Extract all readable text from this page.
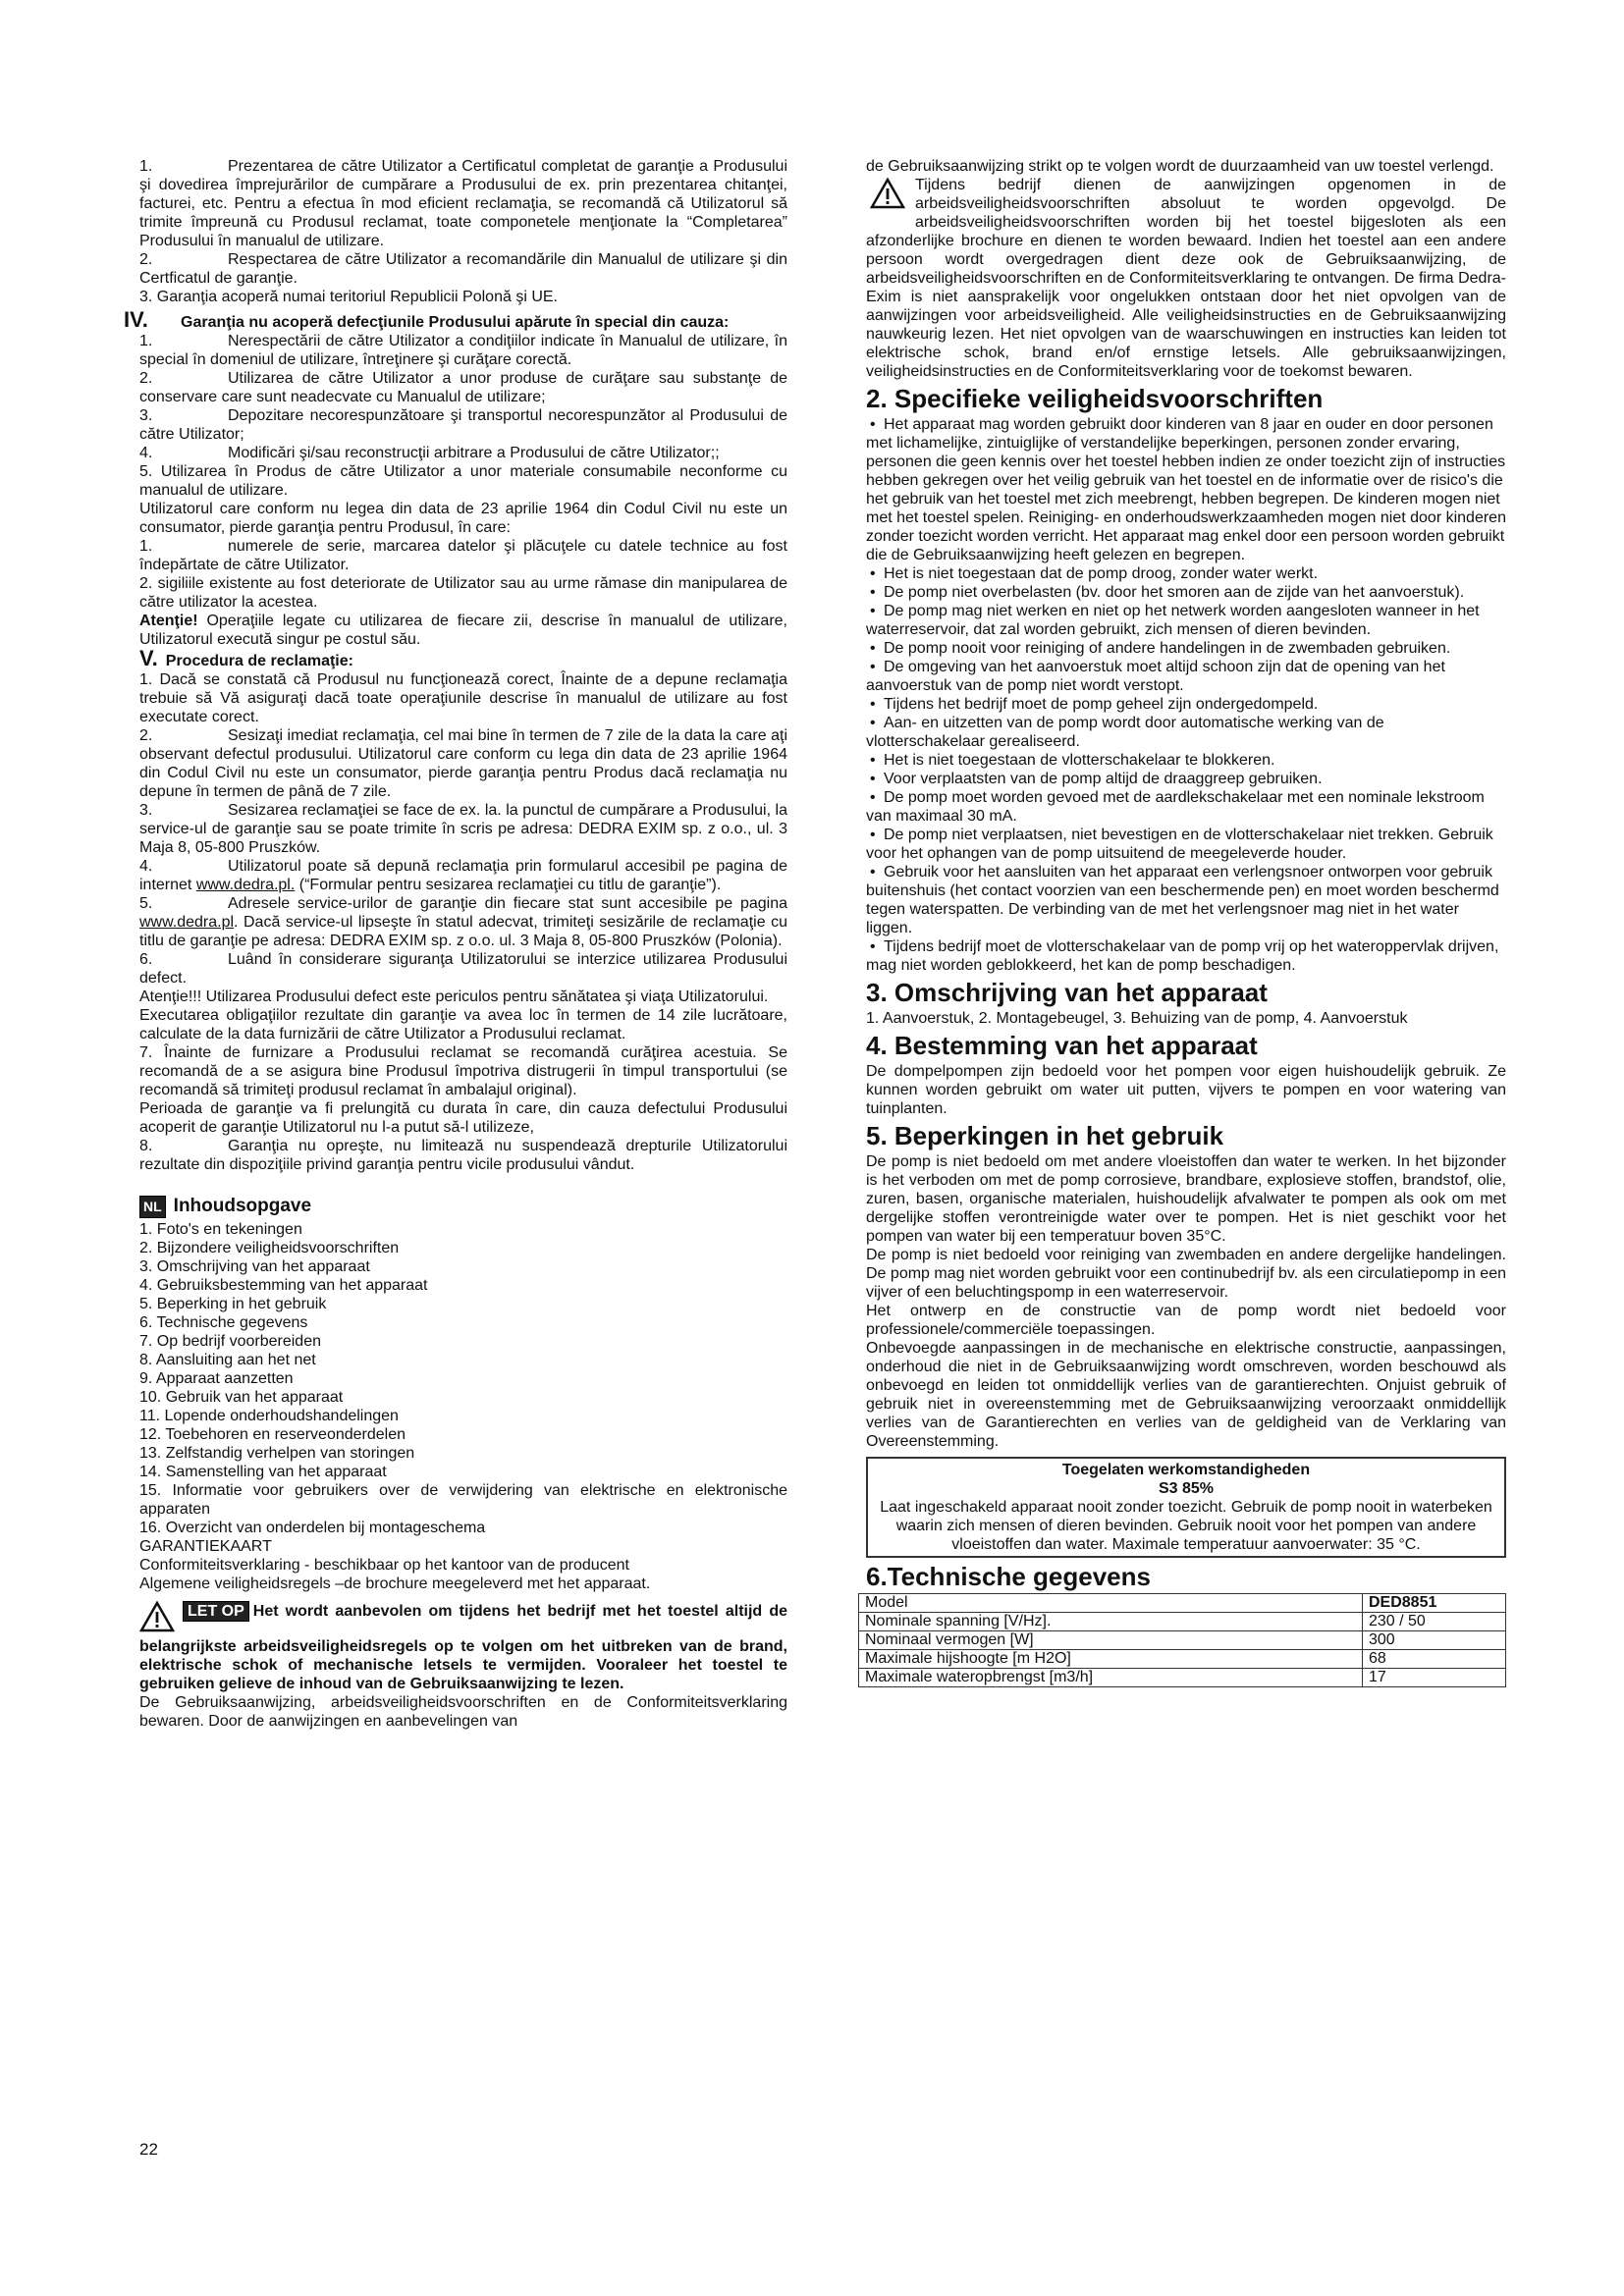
1.	Prezentarea de către Utilizator a Certificatul completat de garanţie a Produsului şi dovedirea împrejurărilor de cumpărare a Produsului de ex. prin prezentarea chitanţei, facturei, etc. Pentru a efectua în mod eficient reclamaţia, se recomandă că Utilizatorul să trimite împreună cu Produsul reclamat, toate componetele menţionate la “Completarea” Produsului în manualul de utilizare.

2.	Respectarea de către Utilizator a recomandările din Manualul de utilizare şi din Certficatul de garanţie.

3. Garanţia acoperă numai teritoriul Republicii Polonă şi UE.

IV. Garanţia nu acoperă defecţiunile Produsului apărute în special din cauza:

1.	Nerespectării de către Utilizator a condiţiilor indicate în Manualul de utilizare, în special în domeniul de utilizare, întreţinere şi curăţare corectă.

2.	Utilizarea de către Utilizator a unor produse de curăţare sau substanţe de conservare care sunt neadecvate cu Manualul de utilizare;

3.	Depozitare necorespunzătoare şi transportul necorespunzător al Produsului de către Utilizator;

4.	Modificări şi/sau reconstrucţii arbitrare a Produsului de către Utilizator;;

5. Utilizarea în Produs de către Utilizator a unor materiale consumabile neconforme cu manualul de utilizare.

Utilizatorul care conform nu legea din data de 23 aprilie 1964 din Codul Civil nu este un consumator, pierde garanţia pentru Produsul, în care:

1.	numerele de serie, marcarea datelor şi plăcuţele cu datele technice au fost îndepărtate de către Utilizator.

2. sigiliile existente au fost deteriorate de Utilizator sau au urme rămase din manipularea de către utilizator la acestea.

Atenţie! Operaţiile legate cu utilizarea de fiecare zii, descrise în manualul de utilizare, Utilizatorul execută singur pe costul său.

V. Procedura de reclamaţie:

1. Dacă se constată că Produsul nu funcţionează corect, Înainte de a depune reclamaţia trebuie să Vă asiguraţi dacă toate operaţiunile descrise în manualul de utilizare au fost executate corect.

2.	Sesizaţi imediat reclamaţia, cel mai bine în termen de 7 zile de la data la care aţi observant defectul produsului. Utilizatorul care conform cu lega din data de 23 aprilie 1964 din Codul Civil nu este un consumator, pierde garanţia pentru Produs dacă reclamaţia nu depune în termen de până de 7 zile.

3.	Sesizarea reclamaţiei se face de ex. la. la punctul de cumpărare a Produsului, la service-ul de garanţie sau se poate trimite în scris pe adresa: DEDRA EXIM sp. z o.o., ul. 3 Maja 8, 05-800 Pruszków.

4.	Utilizatorul poate să depună reclamaţia prin formularul accesibil pe pagina de internet www.dedra.pl. (“Formular pentru sesizarea reclamaţiei cu titlu de garanţie”).

5.	Adresele service-urilor de garanţie din fiecare stat sunt accesibile pe pagina www.dedra.pl. Dacă service-ul lipseşte în statul adecvat, trimiteţi sesizările de reclamaţie cu titlu de garanţie pe adresa: DEDRA EXIM sp. z o.o. ul. 3 Maja 8, 05-800 Pruszków (Polonia).

6.	Luând în considerare siguranţa Utilizatorului se interzice utilizarea Produsului defect.

Atenţie!!! Utilizarea Produsului defect este periculos pentru sănătatea şi viaţa Utilizatorului.

Executarea obligaţiilor rezultate din garanţie va avea loc în termen de 14 zile lucrătoare, calculate de la data furnizării de către Utilizator a Produsului reclamat.

7. Înainte de furnizare a Produsului reclamat se recomandă curăţirea acestuia. Se recomandă de a se asigura bine Produsul împotriva distrugerii în timpul transportului (se recomandă să trimiteţi produsul reclamat în ambalajul original).

Perioada de garanţie va fi prelungită cu durata în care, din cauza defectului Produsului acoperit de garanţie Utilizatorul nu l-a putut să-l utilizeze,

8.	Garanţia nu opreşte, nu limitează nu suspendează drepturile Utilizatorului rezultate din dispoziţiile privind garanţia pentru vicile produsului vândut.

NL Inhoudsopgave
1. Foto's en tekeningen
2. Bijzondere veiligheidsvoorschriften
3. Omschrijving van het apparaat
4. Gebruiksbestemming van het apparaat
5. Beperking in het gebruik
6. Technische gegevens
7. Op bedrijf voorbereiden
8. Aansluiting aan het net
9. Apparaat aanzetten
10. Gebruik van het apparaat
11. Lopende onderhoudshandelingen
12. Toebehoren en reserveonderdelen
13. Zelfstandig verhelpen van storingen
14. Samenstelling van het apparaat
15. Informatie voor gebruikers over de verwijdering van elektrische en elektronische apparaten
16. Overzicht van onderdelen bij montageschema
GARANTIEKAART
Conformiteitsverklaring - beschikbaar op het kantoor van de producent
Algemene veiligheidsregels –de brochure meegeleverd met het apparaat.

LET OP Het wordt aanbevolen om tijdens het bedrijf met het toestel altijd de belangrijkste arbeidsveiligheidsregels op te volgen om het uitbreken van de brand, elektrische schok of mechanische letsels te vermijden. Vooraleer het toestel te gebruiken gelieve de inhoud van de Gebruiksaanwijzing te lezen.

De Gebruiksaanwijzing, arbeidsveiligheidsvoorschriften en de Conformiteitsverklaring bewaren. Door de aanwijzingen en aanbevelingen van

22

de Gebruiksaanwijzing strikt op te volgen wordt de duurzaamheid van uw toestel verlengd.

Tijdens bedrijf dienen de aanwijzingen opgenomen in de arbeidsveiligheidsvoorschriften absoluut te worden opgevolgd. De arbeidsveiligheidsvoorschriften worden bij het toestel bijgesloten als een afzonderlijke brochure en dienen te worden bewaard. Indien het toestel aan een andere persoon wordt overgedragen dient deze ook de Gebruiksaanwijzing, de arbeidsveiligheidsvoorschriften en de Conformiteitsverklaring te ontvangen. De firma Dedra-Exim is niet aansprakelijk voor ongelukken ontstaan door het niet opvolgen van de aanwijzingen voor arbeidsveiligheid. Alle veiligheidsinstructies en de Gebruiksaanwijzing nauwkeurig lezen. Het niet opvolgen van de waarschuwingen en instructies kan leiden tot elektrische schok, brand en/of ernstige letsels. Alle gebruiksaanwijzingen, veiligheidsinstructies en de Conformiteitsverklaring voor de toekomst bewaren.

2. Specifieke veiligheidsvoorschriften
• Het apparaat mag worden gebruikt door kinderen van 8 jaar en ouder en door personen met lichamelijke, zintuiglijke of verstandelijke beperkingen, personen zonder ervaring, personen die geen kennis over het toestel hebben indien ze onder toezicht zijn of instructies hebben gekregen over het veilig gebruik van het toestel en de informatie over de risico's die het gebruik van het toestel met zich meebrengt, hebben begrepen. De kinderen mogen niet met het toestel spelen. Reiniging- en onderhoudswerkzaamheden mogen niet door kinderen zonder toezicht worden verricht. Het apparaat mag enkel door een persoon worden gebruikt die de Gebruiksaanwijzing heeft gelezen en begrepen.
• Het is niet toegestaan dat de pomp droog, zonder water werkt.
• De pomp niet overbelasten (bv. door het smoren aan de zijde van het aanvoerstuk).
• De pomp mag niet werken en niet op het netwerk worden aangesloten wanneer in het waterreservoir, dat zal worden gebruikt, zich mensen of dieren bevinden.
• De pomp nooit voor reiniging of andere handelingen in de zwembaden gebruiken.
• De omgeving van het aanvoerstuk moet altijd schoon zijn dat de opening van het aanvoerstuk van de pomp niet wordt verstopt.
• Tijdens het bedrijf moet de pomp geheel zijn ondergedompeld.
• Aan- en uitzetten van de pomp wordt door automatische werking van de vlotterschakelaar gerealiseerd.
• Het is niet toegestaan de vlotterschakelaar te blokkeren.
• Voor verplaatsten van de pomp altijd de draaggreep gebruiken.
• De pomp moet worden gevoed met de aardlekschakelaar met een nominale lekstroom van maximaal 30 mA.
• De pomp niet verplaatsen, niet bevestigen en de vlotterschakelaar niet trekken. Gebruik voor het ophangen van de pomp uitsuitend de meegeleverde houder.
• Gebruik voor het aansluiten van het apparaat een verlengsnoer ontworpen voor gebruik buitenshuis (het contact voorzien van een beschermende pen) en moet worden beschermd tegen waterspatten. De verbinding van de met het verlengsnoer mag niet in het water liggen.
• Tijdens bedrijf moet de vlotterschakelaar van de pomp vrij op het wateroppervlak drijven, mag niet worden geblokkeerd, het kan de pomp beschadigen.
3. Omschrijving van het apparaat

1. Aanvoerstuk, 2. Montagebeugel, 3. Behuizing van de pomp, 4. Aanvoerstuk

4. Bestemming van het apparaat

De dompelpompen zijn bedoeld voor het pompen voor eigen huishoudelijk gebruik. Ze kunnen worden gebruikt om water uit putten, vijvers te pompen en voor watering van tuinplanten.

5. Beperkingen in het gebruik

De pomp is niet bedoeld om met andere vloeistoffen dan water te werken. In het bijzonder is het verboden om met de pomp corrosieve, brandbare, explosieve stoffen, brandstof, olie, zuren, basen, organische materialen, huishoudelijk afvalwater te pompen als ook om met dergelijke stoffen verontreinigde water over te pompen. Het is niet geschikt voor het pompen van water bij een temperatuur boven 35°C.

De pomp is niet bedoeld voor reiniging van zwembaden en andere dergelijke handelingen. De pomp mag niet worden gebruikt voor een continubedrijf bv. als een circulatiepomp in een vijver of een beluchtingspomp in een waterreservoir.

Het ontwerp en de constructie van de pomp wordt niet bedoeld voor professionele/commerciële toepassingen.

Onbevoegde aanpassingen in de mechanische en elektrische constructie, aanpassingen, onderhoud die niet in de Gebruiksaanwijzing wordt omschreven, worden beschouwd als onbevoegd en leiden tot onmiddellijk verlies van de garantierechten. Onjuist gebruik of gebruik niet in overeenstemming met de Gebruiksaanwijzing veroorzaakt onmiddellijk verlies van de Garantierechten en verlies van de geldigheid van de Verklaring van Overeenstemming.

Toegelaten werkomstandigheden
S3 85%
Laat ingeschakeld apparaat nooit zonder toezicht. Gebruik de pomp nooit in waterbeken waarin zich mensen of dieren bevinden. Gebruik nooit voor het pompen van andere vloeistoffen dan water. Maximale temperatuur aanvoerwater: 35 °C.
6.Technische gegevens
Model	DED8851
Nominale spanning [V/Hz].	230 / 50
Nominaal vermogen [W]	300
Maximale hijshoogte [m H2O]	68
Maximale wateropbrengst [m3/h]	17
